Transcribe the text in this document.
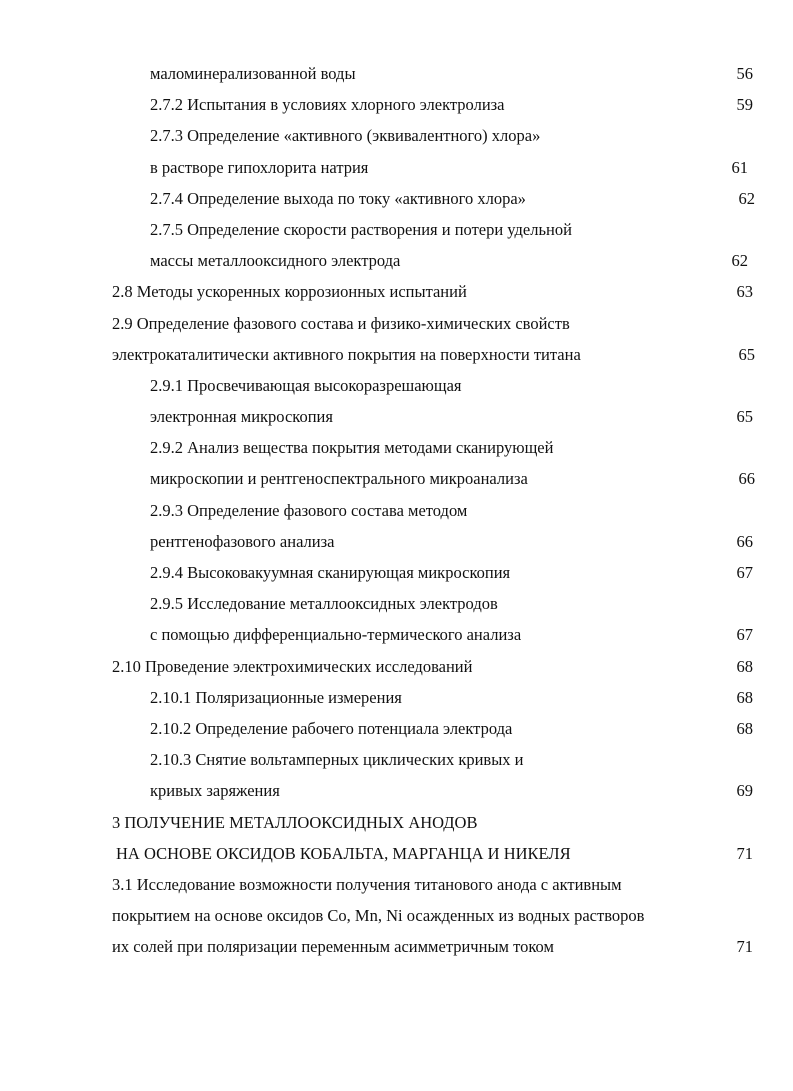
маломинерализованной воды	56
2.7.2 Испытания в условиях хлорного электролиза	59
2.7.3 Определение «активного (эквивалентного) хлора»
в растворе гипохлорита натрия	61
2.7.4 Определение выхода по току «активного хлора»	62
2.7.5 Определение скорости растворения и потери удельной
массы металлооксидного электрода	62
2.8 Методы ускоренных коррозионных испытаний	63
2.9 Определение фазового состава и физико-химических свойств
электрокаталитически активного покрытия на поверхности титана	65
2.9.1 Просвечивающая высокоразрешающая
электронная микроскопия	65
2.9.2 Анализ вещества покрытия методами сканирующей
микроскопии и рентгеноспектрального микроанализа	66
2.9.3 Определение фазового состава методом
рентгенофазового анализа	66
2.9.4 Высоковакуумная сканирующая микроскопия	67
2.9.5 Исследование металлооксидных электродов
с помощью дифференциально-термического анализа	67
2.10 Проведение электрохимических исследований	68
2.10.1 Поляризационные измерения	68
2.10.2 Определение рабочего потенциала электрода	68
2.10.3 Снятие вольтамперных циклических кривых и
кривых заряжения	69
3 ПОЛУЧЕНИЕ МЕТАЛЛООКСИДНЫХ АНОДОВ
НА ОСНОВЕ ОКСИДОВ КОБАЛЬТА, МАРГАНЦА И НИКЕЛЯ	71
3.1 Исследование возможности получения титанового анода с активным
покрытием на основе оксидов Co, Mn, Ni осажденных из водных растворов
их солей при поляризации переменным асимметричным током	71
